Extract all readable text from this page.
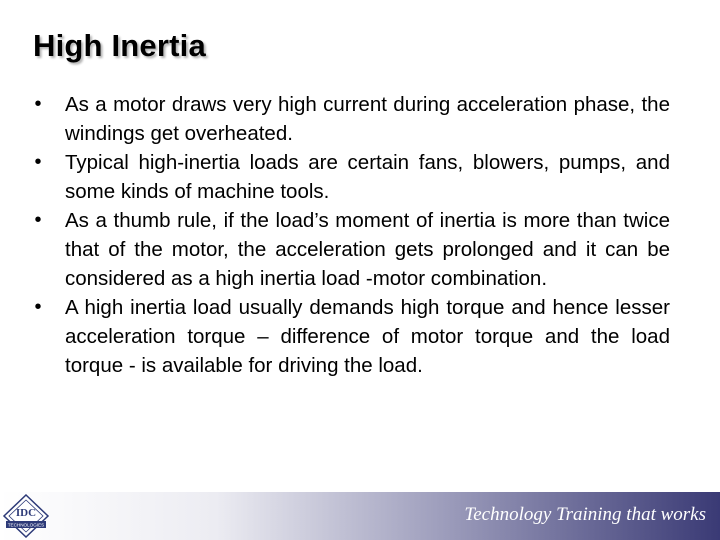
High Inertia
• As a motor draws very high current during acceleration phase, the windings get overheated.
• Typical high-inertia loads are certain fans, blowers, pumps, and some kinds of machine tools.
• As a thumb rule, if the load’s moment of inertia is more than twice that of the motor, the acceleration gets prolonged and it can be considered as a high inertia load -motor combination.
• A high inertia load usually demands high torque and hence lesser acceleration torque – difference of motor torque and the load torque - is available for driving the load.
Technology Training that works
IDC
TECHNOLOGIES
